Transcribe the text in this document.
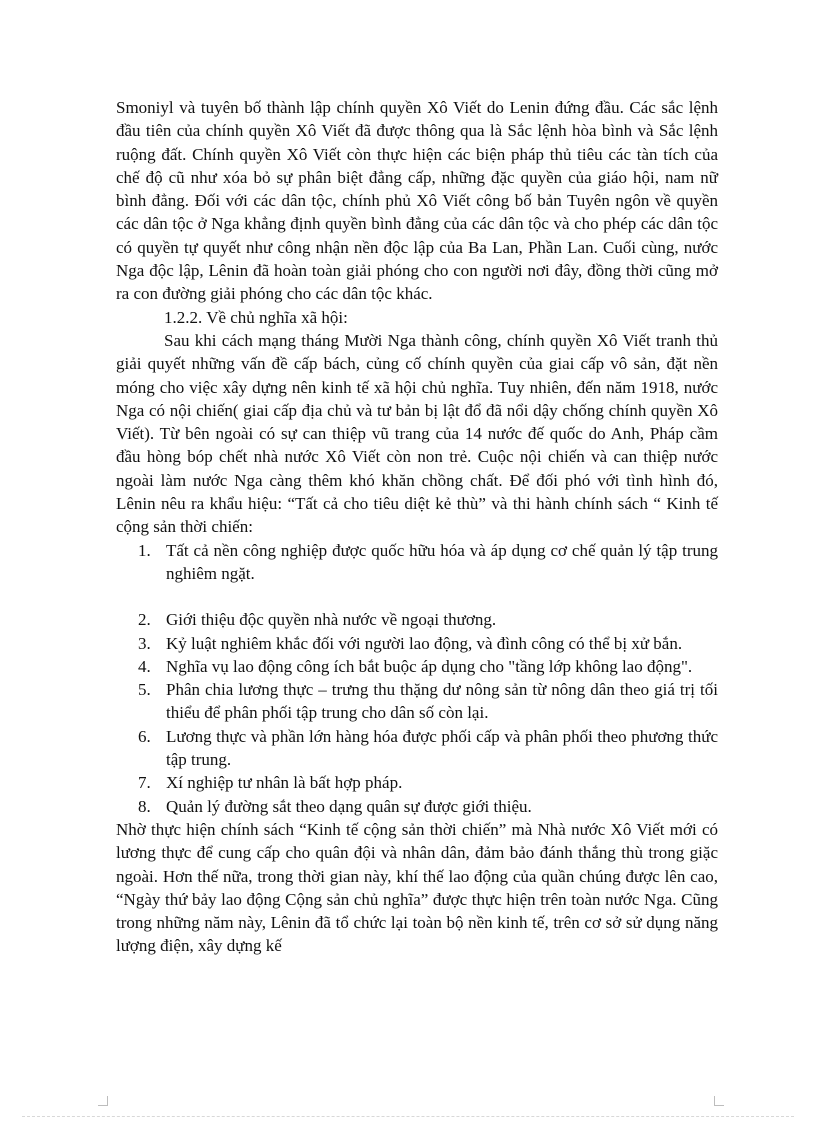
Smoniyl và tuyên bố thành lập chính quyền Xô Viết do Lenin đứng đầu. Các sắc lệnh đầu tiên của chính quyền Xô Viết đã được thông qua là Sắc lệnh hòa bình và Sắc lệnh ruộng đất. Chính quyền Xô Viết còn thực hiện các biện pháp thủ tiêu các tàn tích của chế độ cũ như xóa bỏ sự phân biệt đẳng cấp, những đặc quyền của giáo hội, nam nữ bình đẳng. Đối với các dân tộc, chính phủ Xô Viết công bố bản Tuyên ngôn về quyền các dân tộc ở Nga khẳng định quyền bình đẳng của các dân tộc và cho phép các dân tộc có quyền tự quyết như công nhận nền độc lập của Ba Lan, Phần Lan. Cuối cùng, nước Nga độc lập, Lênin đã hoàn toàn giải phóng cho con người nơi đây, đồng thời cũng mở ra con đường giải phóng cho các dân tộc khác.

1.2.2. Về chủ nghĩa xã hội:

Sau khi cách mạng tháng Mười Nga thành công, chính quyền Xô Viết tranh thủ giải quyết những vấn đề cấp bách, củng cố chính quyền của giai cấp vô sản, đặt nền móng cho việc xây dựng nên kinh tế xã hội chủ nghĩa. Tuy nhiên, đến năm 1918, nước Nga có nội chiến( giai cấp địa chủ và tư bản bị lật đổ đã nổi dậy chống chính quyền Xô Viết). Từ bên ngoài có sự can thiệp vũ trang của 14 nước đế quốc do Anh, Pháp cầm đầu hòng bóp chết nhà nước Xô Viết còn non trẻ. Cuộc nội chiến và can thiệp nước ngoài làm nước Nga càng thêm khó khăn chồng chất. Để đối phó với tình hình đó, Lênin nêu ra khẩu hiệu: “Tất cả cho tiêu diệt kẻ thù” và thi hành chính sách “ Kinh tế cộng sản thời chiến:

1. Tất cả nền công nghiệp được quốc hữu hóa và áp dụng cơ chế quản lý tập trung nghiêm ngặt.
2. Giới thiệu độc quyền nhà nước về ngoại thương.
3. Kỷ luật nghiêm khắc đối với người lao động, và đình công có thể bị xử bắn.
4. Nghĩa vụ lao động công ích bắt buộc áp dụng cho "tầng lớp không lao động".
5. Phân chia lương thực – trưng thu thặng dư nông sản từ nông dân theo giá trị tối thiểu để phân phối tập trung cho dân số còn lại.
6. Lương thực và phần lớn hàng hóa được phối cấp và phân phối theo phương thức tập trung.
7. Xí nghiệp tư nhân là bất hợp pháp.
8. Quản lý đường sắt theo dạng quân sự được giới thiệu.

Nhờ thực hiện chính sách “Kinh tế cộng sản thời chiến” mà Nhà nước Xô Viết mới có lương thực để cung cấp cho quân đội và nhân dân, đảm bảo đánh thắng thù trong giặc ngoài. Hơn thế nữa, trong thời gian này, khí thế lao động của quần chúng được lên cao, “Ngày thứ bảy lao động Cộng sản chủ nghĩa” được thực hiện trên toàn nước Nga. Cũng trong những năm này, Lênin đã tổ chức lại toàn bộ nền kinh tế, trên cơ sở sử dụng năng lượng điện, xây dựng kế
